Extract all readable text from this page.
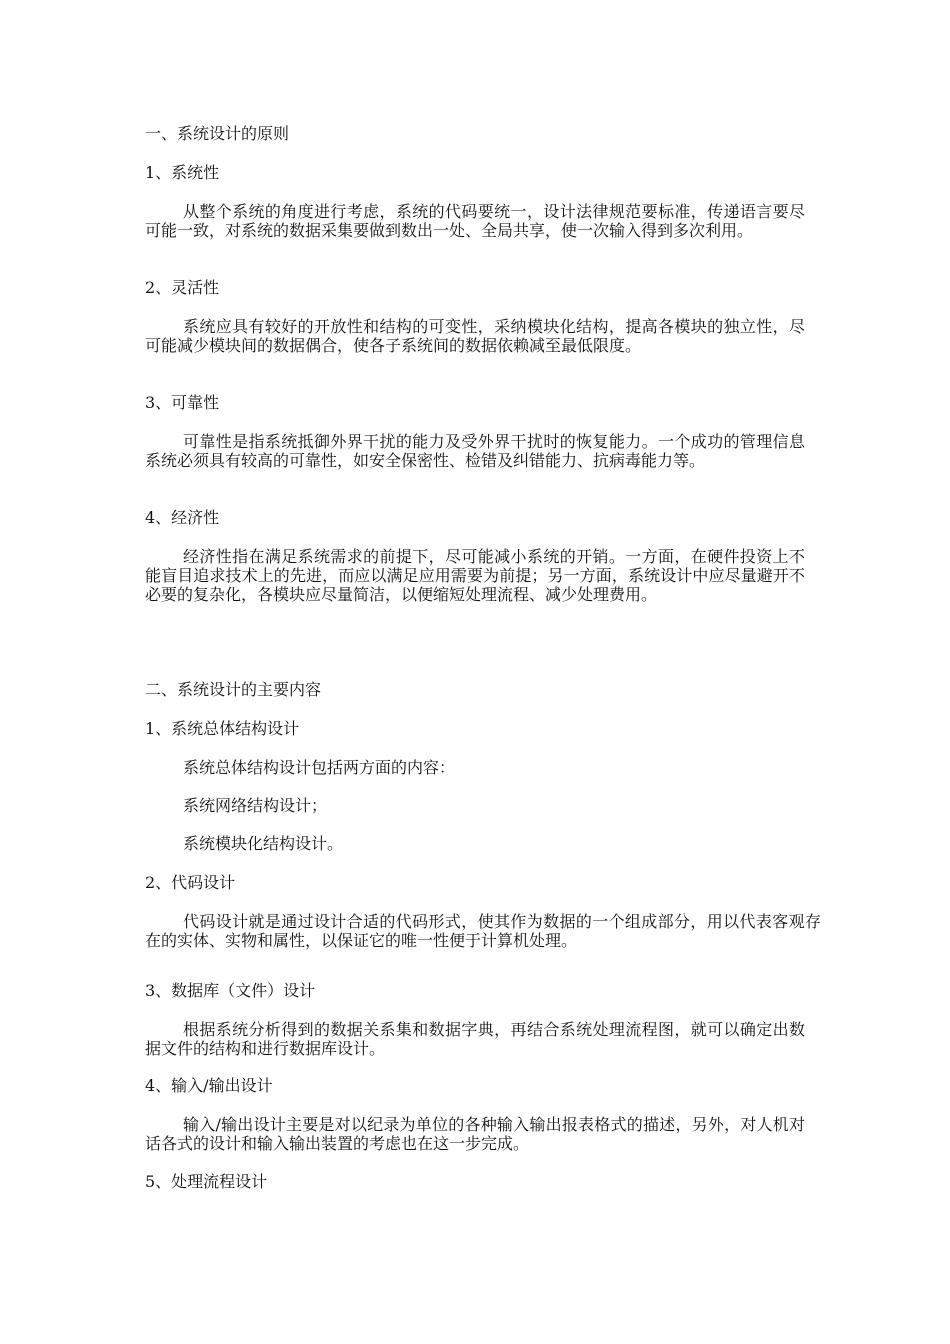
一、系统设计的原则
1、系统性
从整个系统的角度进行考虑，系统的代码要统一，设计法律规范要标准，传递语言要尽可能一致，对系统的数据采集要做到数出一处、全局共享，使一次输入得到多次利用。
2、灵活性
系统应具有较好的开放性和结构的可变性，采纳模块化结构，提高各模块的独立性，尽可能减少模块间的数据偶合，使各子系统间的数据依赖减至最低限度。
3、可靠性
可靠性是指系统抵御外界干扰的能力及受外界干扰时的恢复能力。一个成功的管理信息系统必须具有较高的可靠性，如安全保密性、检错及纠错能力、抗病毒能力等。
4、经济性
经济性指在满足系统需求的前提下，尽可能减小系统的开销。一方面，在硬件投资上不能盲目追求技术上的先进，而应以满足应用需要为前提；另一方面，系统设计中应尽量避开不必要的复杂化，各模块应尽量简洁，以便缩短处理流程、减少处理费用。
二、系统设计的主要内容
1、系统总体结构设计
系统总体结构设计包括两方面的内容：
系统网络结构设计；
系统模块化结构设计。
2、代码设计
代码设计就是通过设计合适的代码形式，使其作为数据的一个组成部分，用以代表客观存在的实体、实物和属性，以保证它的唯一性便于计算机处理。
3、数据库（文件）设计
根据系统分析得到的数据关系集和数据字典，再结合系统处理流程图，就可以确定出数据文件的结构和进行数据库设计。
4、输入/输出设计
输入/输出设计主要是对以纪录为单位的各种输入输出报表格式的描述，另外，对人机对话各式的设计和输入输出装置的考虑也在这一步完成。
5、处理流程设计
